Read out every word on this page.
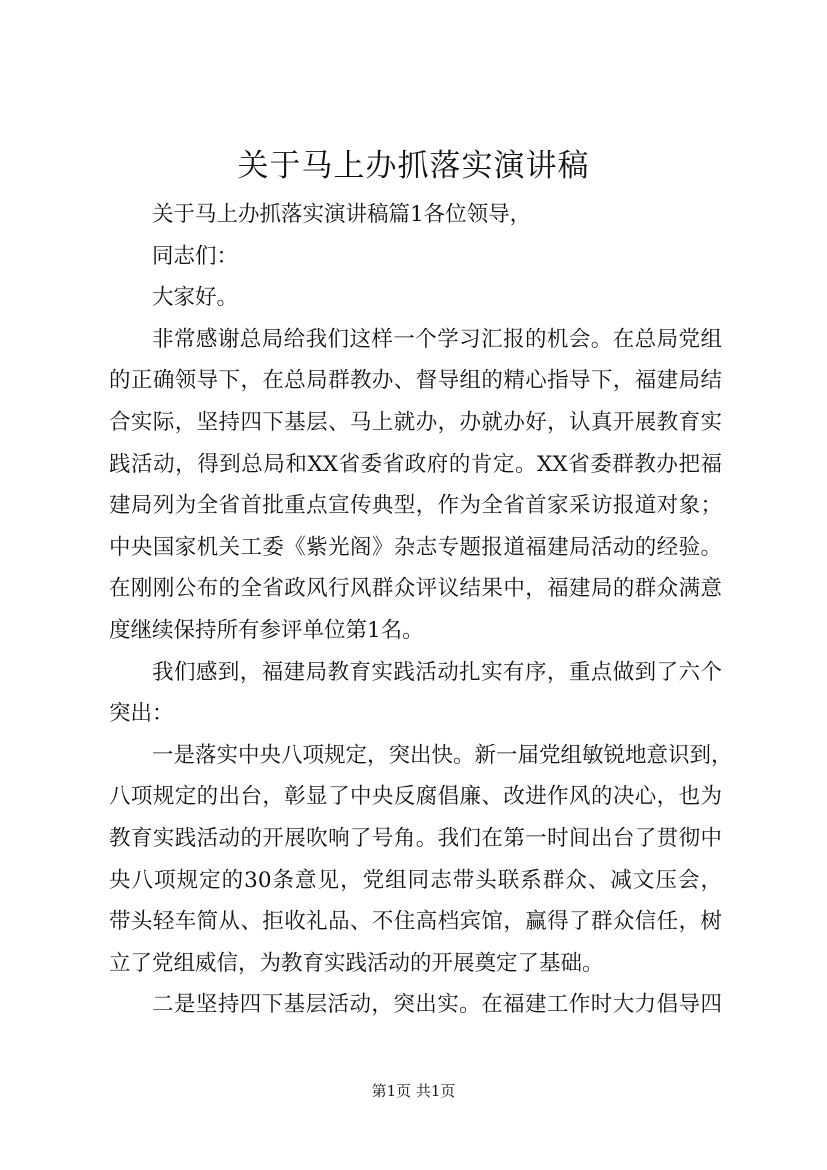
关于马上办抓落实演讲稿
关于马上办抓落实演讲稿篇1各位领导，
同志们：
大家好。
非常感谢总局给我们这样一个学习汇报的机会。在总局党组
的正确领导下，在总局群教办、督导组的精心指导下，福建局结
合实际，坚持四下基层、马上就办，办就办好，认真开展教育实
践活动，得到总局和XX省委省政府的肯定。XX省委群教办把福
建局列为全省首批重点宣传典型，作为全省首家采访报道对象；
中央国家机关工委《紫光阁》杂志专题报道福建局活动的经验。
在刚刚公布的全省政风行风群众评议结果中，福建局的群众满意
度继续保持所有参评单位第1名。
我们感到，福建局教育实践活动扎实有序，重点做到了六个
突出：
一是落实中央八项规定，突出快。新一届党组敏锐地意识到，
八项规定的出台，彰显了中央反腐倡廉、改进作风的决心，也为
教育实践活动的开展吹响了号角。我们在第一时间出台了贯彻中
央八项规定的30条意见，党组同志带头联系群众、减文压会，
带头轻车简从、拒收礼品、不住高档宾馆，赢得了群众信任，树
立了党组威信，为教育实践活动的开展奠定了基础。
二是坚持四下基层活动，突出实。在福建工作时大力倡导四
第1页 共1页
